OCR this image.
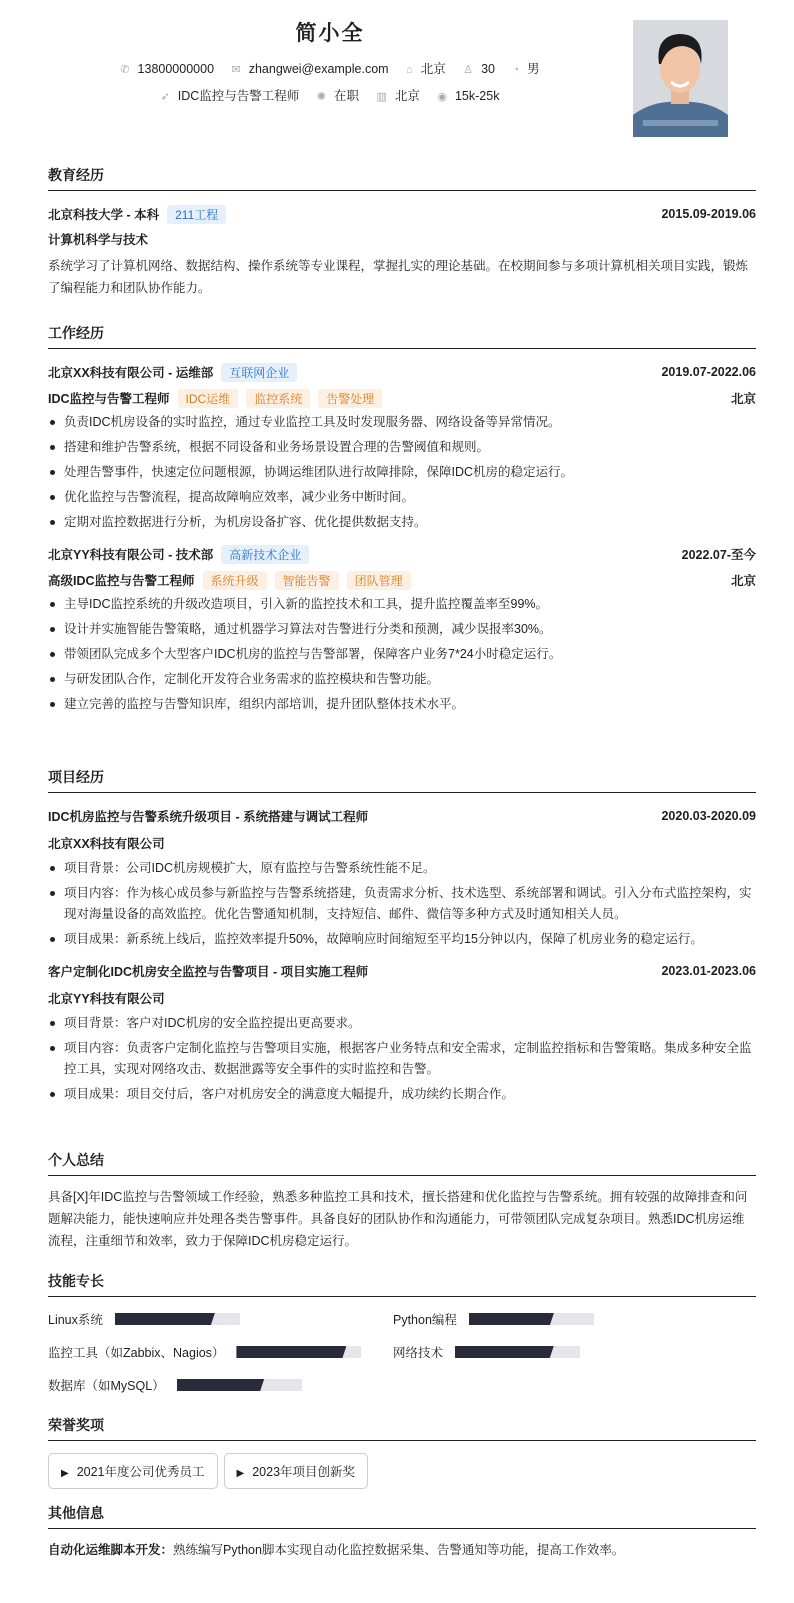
简小全
✆ 13800000000 ✉ zhangwei@example.com ⌂ 北京 ♙ 30 ◔ 男
➶ IDC监控与告警工程师 ✺ 在职 ▥ 北京 ◉ 15k-25k
教育经历
北京科技大学 - 本科 211工程	2015.09-2019.06
计算机科学与技术
系统学习了计算机网络、数据结构、操作系统等专业课程，掌握扎实的理论基础。在校期间参与多项计算机相关项目实践，锻炼了编程能力和团队协作能力。
工作经历
北京XX科技有限公司 - 运维部 互联网企业	2019.07-2022.06
IDC监控与告警工程师 IDC运维 监控系统 告警处理	北京
负责IDC机房设备的实时监控，通过专业监控工具及时发现服务器、网络设备等异常情况。
搭建和维护告警系统，根据不同设备和业务场景设置合理的告警阈值和规则。
处理告警事件，快速定位问题根源，协调运维团队进行故障排除，保障IDC机房的稳定运行。
优化监控与告警流程，提高故障响应效率，减少业务中断时间。
定期对监控数据进行分析，为机房设备扩容、优化提供数据支持。
北京YY科技有限公司 - 技术部 高新技术企业	2022.07-至今
高级IDC监控与告警工程师 系统升级 智能告警 团队管理	北京
主导IDC监控系统的升级改造项目，引入新的监控技术和工具，提升监控覆盖率至99%。
设计并实施智能告警策略，通过机器学习算法对告警进行分类和预测，减少误报率30%。
带领团队完成多个大型客户IDC机房的监控与告警部署，保障客户业务7*24小时稳定运行。
与研发团队合作，定制化开发符合业务需求的监控模块和告警功能。
建立完善的监控与告警知识库，组织内部培训，提升团队整体技术水平。
项目经历
IDC机房监控与告警系统升级项目 - 系统搭建与调试工程师	2020.03-2020.09
北京XX科技有限公司
项目背景：公司IDC机房规模扩大，原有监控与告警系统性能不足。
项目内容：作为核心成员参与新监控与告警系统搭建，负责需求分析、技术选型、系统部署和调试。引入分布式监控架构，实现对海量设备的高效监控。优化告警通知机制，支持短信、邮件、微信等多种方式及时通知相关人员。
项目成果：新系统上线后，监控效率提升50%，故障响应时间缩短至平均15分钟以内，保障了机房业务的稳定运行。
客户定制化IDC机房安全监控与告警项目 - 项目实施工程师	2023.01-2023.06
北京YY科技有限公司
项目背景：客户对IDC机房的安全监控提出更高要求。
项目内容：负责客户定制化监控与告警项目实施，根据客户业务特点和安全需求，定制监控指标和告警策略。集成多种安全监控工具，实现对网络攻击、数据泄露等安全事件的实时监控和告警。
项目成果：项目交付后，客户对机房安全的满意度大幅提升，成功续约长期合作。
个人总结
具备[X]年IDC监控与告警领域工作经验，熟悉多种监控工具和技术，擅长搭建和优化监控与告警系统。拥有较强的故障排查和问题解决能力，能快速响应并处理各类告警事件。具备良好的团队协作和沟通能力，可带领团队完成复杂项目。熟悉IDC机房运维流程，注重细节和效率，致力于保障IDC机房稳定运行。
技能专长
Linux系统	Python编程
监控工具（如Zabbix、Nagios）	网络技术
数据库（如MySQL）
荣誉奖项
▶ 2021年度公司优秀员工	▶ 2023年项目创新奖
其他信息
自动化运维脚本开发：熟练编写Python脚本实现自动化监控数据采集、告警通知等功能，提高工作效率。
